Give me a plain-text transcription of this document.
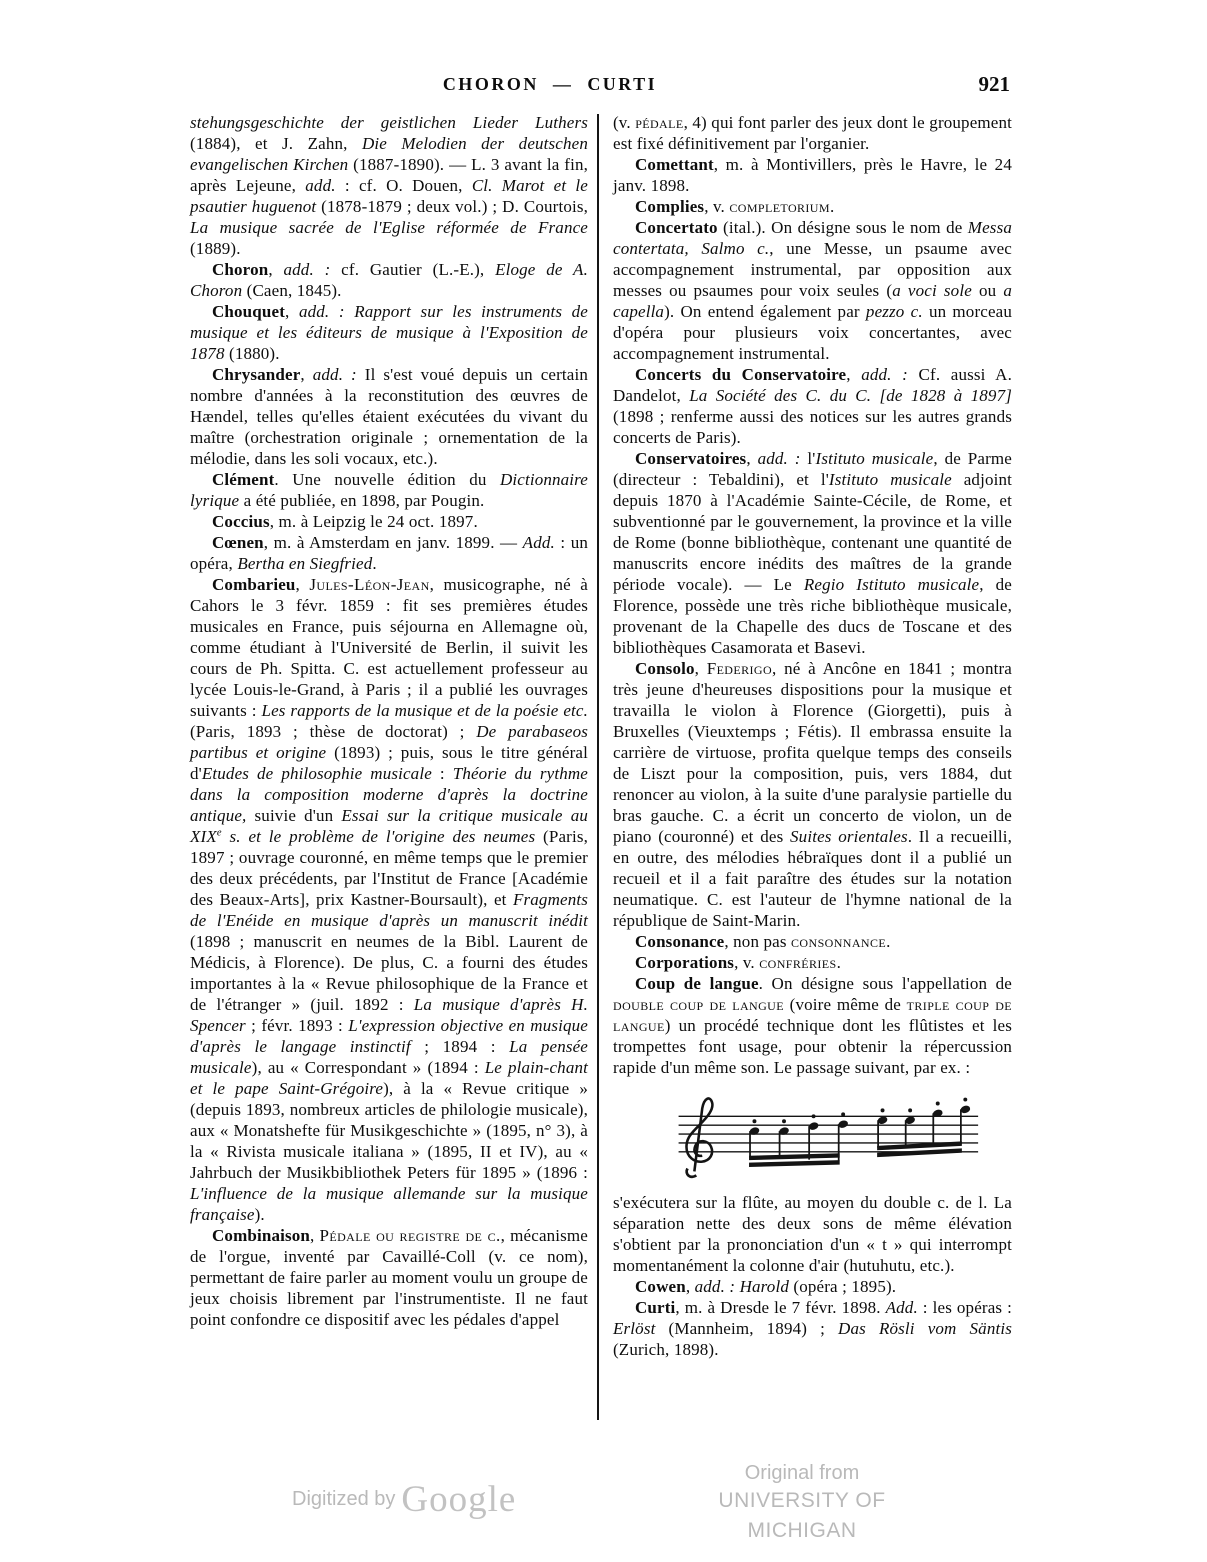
CHORON — CURTI	921

stehungsgeschichte der geistlichen Lieder Luthers (1884), et J. Zahn, Die Melodien der deutschen evangelischen Kirchen (1887-1890). — L. 3 avant la fin, après Lejeune, add. : cf. O. Douen, Cl. Marot et le psautier huguenot (1878-1879 ; deux vol.) ; D. Courtois, La musique sacrée de l'Eglise réformée de France (1889).

Choron, add. : cf. Gautier (L.-E.), Eloge de A. Choron (Caen, 1845).

Chouquet, add. : Rapport sur les instruments de musique et les éditeurs de musique à l'Exposition de 1878 (1880).

Chrysander, add. : Il s'est voué depuis un certain nombre d'années à la reconstitution des œuvres de Hændel, telles qu'elles étaient exécutées du vivant du maître (orchestration originale ; ornementation de la mélodie, dans les soli vocaux, etc.).

Clément. Une nouvelle édition du Dictionnaire lyrique a été publiée, en 1898, par Pougin.

Coccius, m. à Leipzig le 24 oct. 1897.

Cœnen, m. à Amsterdam en janv. 1899. — Add. : un opéra, Bertha en Siegfried.

Combarieu, Jules-Léon-Jean, musicographe, né à Cahors le 3 févr. 1859 : fit ses premières études musicales en France, puis séjourna en Allemagne où, comme étudiant à l'Université de Berlin, il suivit les cours de Ph. Spitta. C. est actuellement professeur au lycée Louis-le-Grand, à Paris ; il a publié les ouvrages suivants : Les rapports de la musique et de la poésie etc. (Paris, 1893 ; thèse de doctorat) ; De parabaseos partibus et origine (1893) ; puis, sous le titre général d'Etudes de philosophie musicale : Théorie du rythme dans la composition moderne d'après la doctrine antique, suivie d'un Essai sur la critique musicale au XIXe s. et le problème de l'origine des neumes (Paris, 1897 ; ouvrage couronné, en même temps que le premier des deux précédents, par l'Institut de France [Académie des Beaux-Arts], prix Kastner-Boursault), et Fragments de l'Enéide en musique d'après un manuscrit inédit (1898 ; manuscrit en neumes de la Bibl. Laurent de Médicis, à Florence). De plus, C. a fourni des études importantes à la « Revue philosophique de la France et de l'étranger » (juil. 1892 : La musique d'après H. Spencer ; févr. 1893 : L'expression objective en musique d'après le langage instinctif ; 1894 : La pensée musicale), au « Correspondant » (1894 : Le plain-chant et le pape Saint-Grégoire), à la « Revue critique » (depuis 1893, nombreux articles de philologie musicale), aux « Monatshefte für Musikgeschichte » (1895, n° 3), à la « Rivista musicale italiana » (1895, II et IV), au « Jahrbuch der Musikbibliothek Peters für 1895 » (1896 : L'influence de la musique allemande sur la musique française).

Combinaison, Pédale ou registre de c., mécanisme de l'orgue, inventé par Cavaillé-Coll (v. ce nom), permettant de faire parler au moment voulu un groupe de jeux choisis librement par l'instrumentiste. Il ne faut point confondre ce dispositif avec les pédales d'appel

(v. pédale, 4) qui font parler des jeux dont le groupement est fixé définitivement par l'organier.

Comettant, m. à Montivillers, près le Havre, le 24 janv. 1898.

Complies, v. completorium.

Concertato (ital.). On désigne sous le nom de Messa contertata, Salmo c., une Messe, un psaume avec accompagnement instrumental, par opposition aux messes ou psaumes pour voix seules (a voci sole ou a capella). On entend également par pezzo c. un morceau d'opéra pour plusieurs voix concertantes, avec accompagnement instrumental.

Concerts du Conservatoire, add. : Cf. aussi A. Dandelot, La Société des C. du C. [de 1828 à 1897] (1898 ; renferme aussi des notices sur les autres grands concerts de Paris).

Conservatoires, add. : l'Istituto musicale, de Parme (directeur : Tebaldini), et l'Istituto musicale adjoint depuis 1870 à l'Académie Sainte-Cécile, de Rome, et subventionné par le gouvernement, la province et la ville de Rome (bonne bibliothèque, contenant une quantité de manuscrits encore inédits des maîtres de la grande période vocale). — Le Regio Istituto musicale, de Florence, possède une très riche bibliothèque musicale, provenant de la Chapelle des ducs de Toscane et des bibliothèques Casamorata et Basevi.

Consolo, Federigo, né à Ancône en 1841 ; montra très jeune d'heureuses dispositions pour la musique et travailla le violon à Florence (Giorgetti), puis à Bruxelles (Vieuxtemps ; Fétis). Il embrassa ensuite la carrière de virtuose, profita quelque temps des conseils de Liszt pour la composition, puis, vers 1884, dut renoncer au violon, à la suite d'une paralysie partielle du bras gauche. C. a écrit un concerto de violon, un de piano (couronné) et des Suites orientales. Il a recueilli, en outre, des mélodies hébraïques dont il a publié un recueil et il a fait paraître des études sur la notation neumatique. C. est l'auteur de l'hymne national de la république de Saint-Marin.

Consonance, non pas consonnance.

Corporations, v. confréries.

Coup de langue. On désigne sous l'appellation de double coup de langue (voire même de triple coup de langue) un procédé technique dont les flûtistes et les trompettes font usage, pour obtenir la répercussion rapide d'un même son. Le passage suivant, par ex. :

s'exécutera sur la flûte, au moyen du double c. de l. La séparation nette des deux sons de même élévation s'obtient par la prononciation d'un « t » qui interrompt momentanément la colonne d'air (hutuhutu, etc.).

Cowen, add. : Harold (opéra ; 1895).

Curti, m. à Dresde le 7 févr. 1898. Add. : les opéras : Erlöst (Mannheim, 1894) ; Das Rösli vom Säntis (Zurich, 1898).

Digitized by Google
Original from
UNIVERSITY OF MICHIGAN
